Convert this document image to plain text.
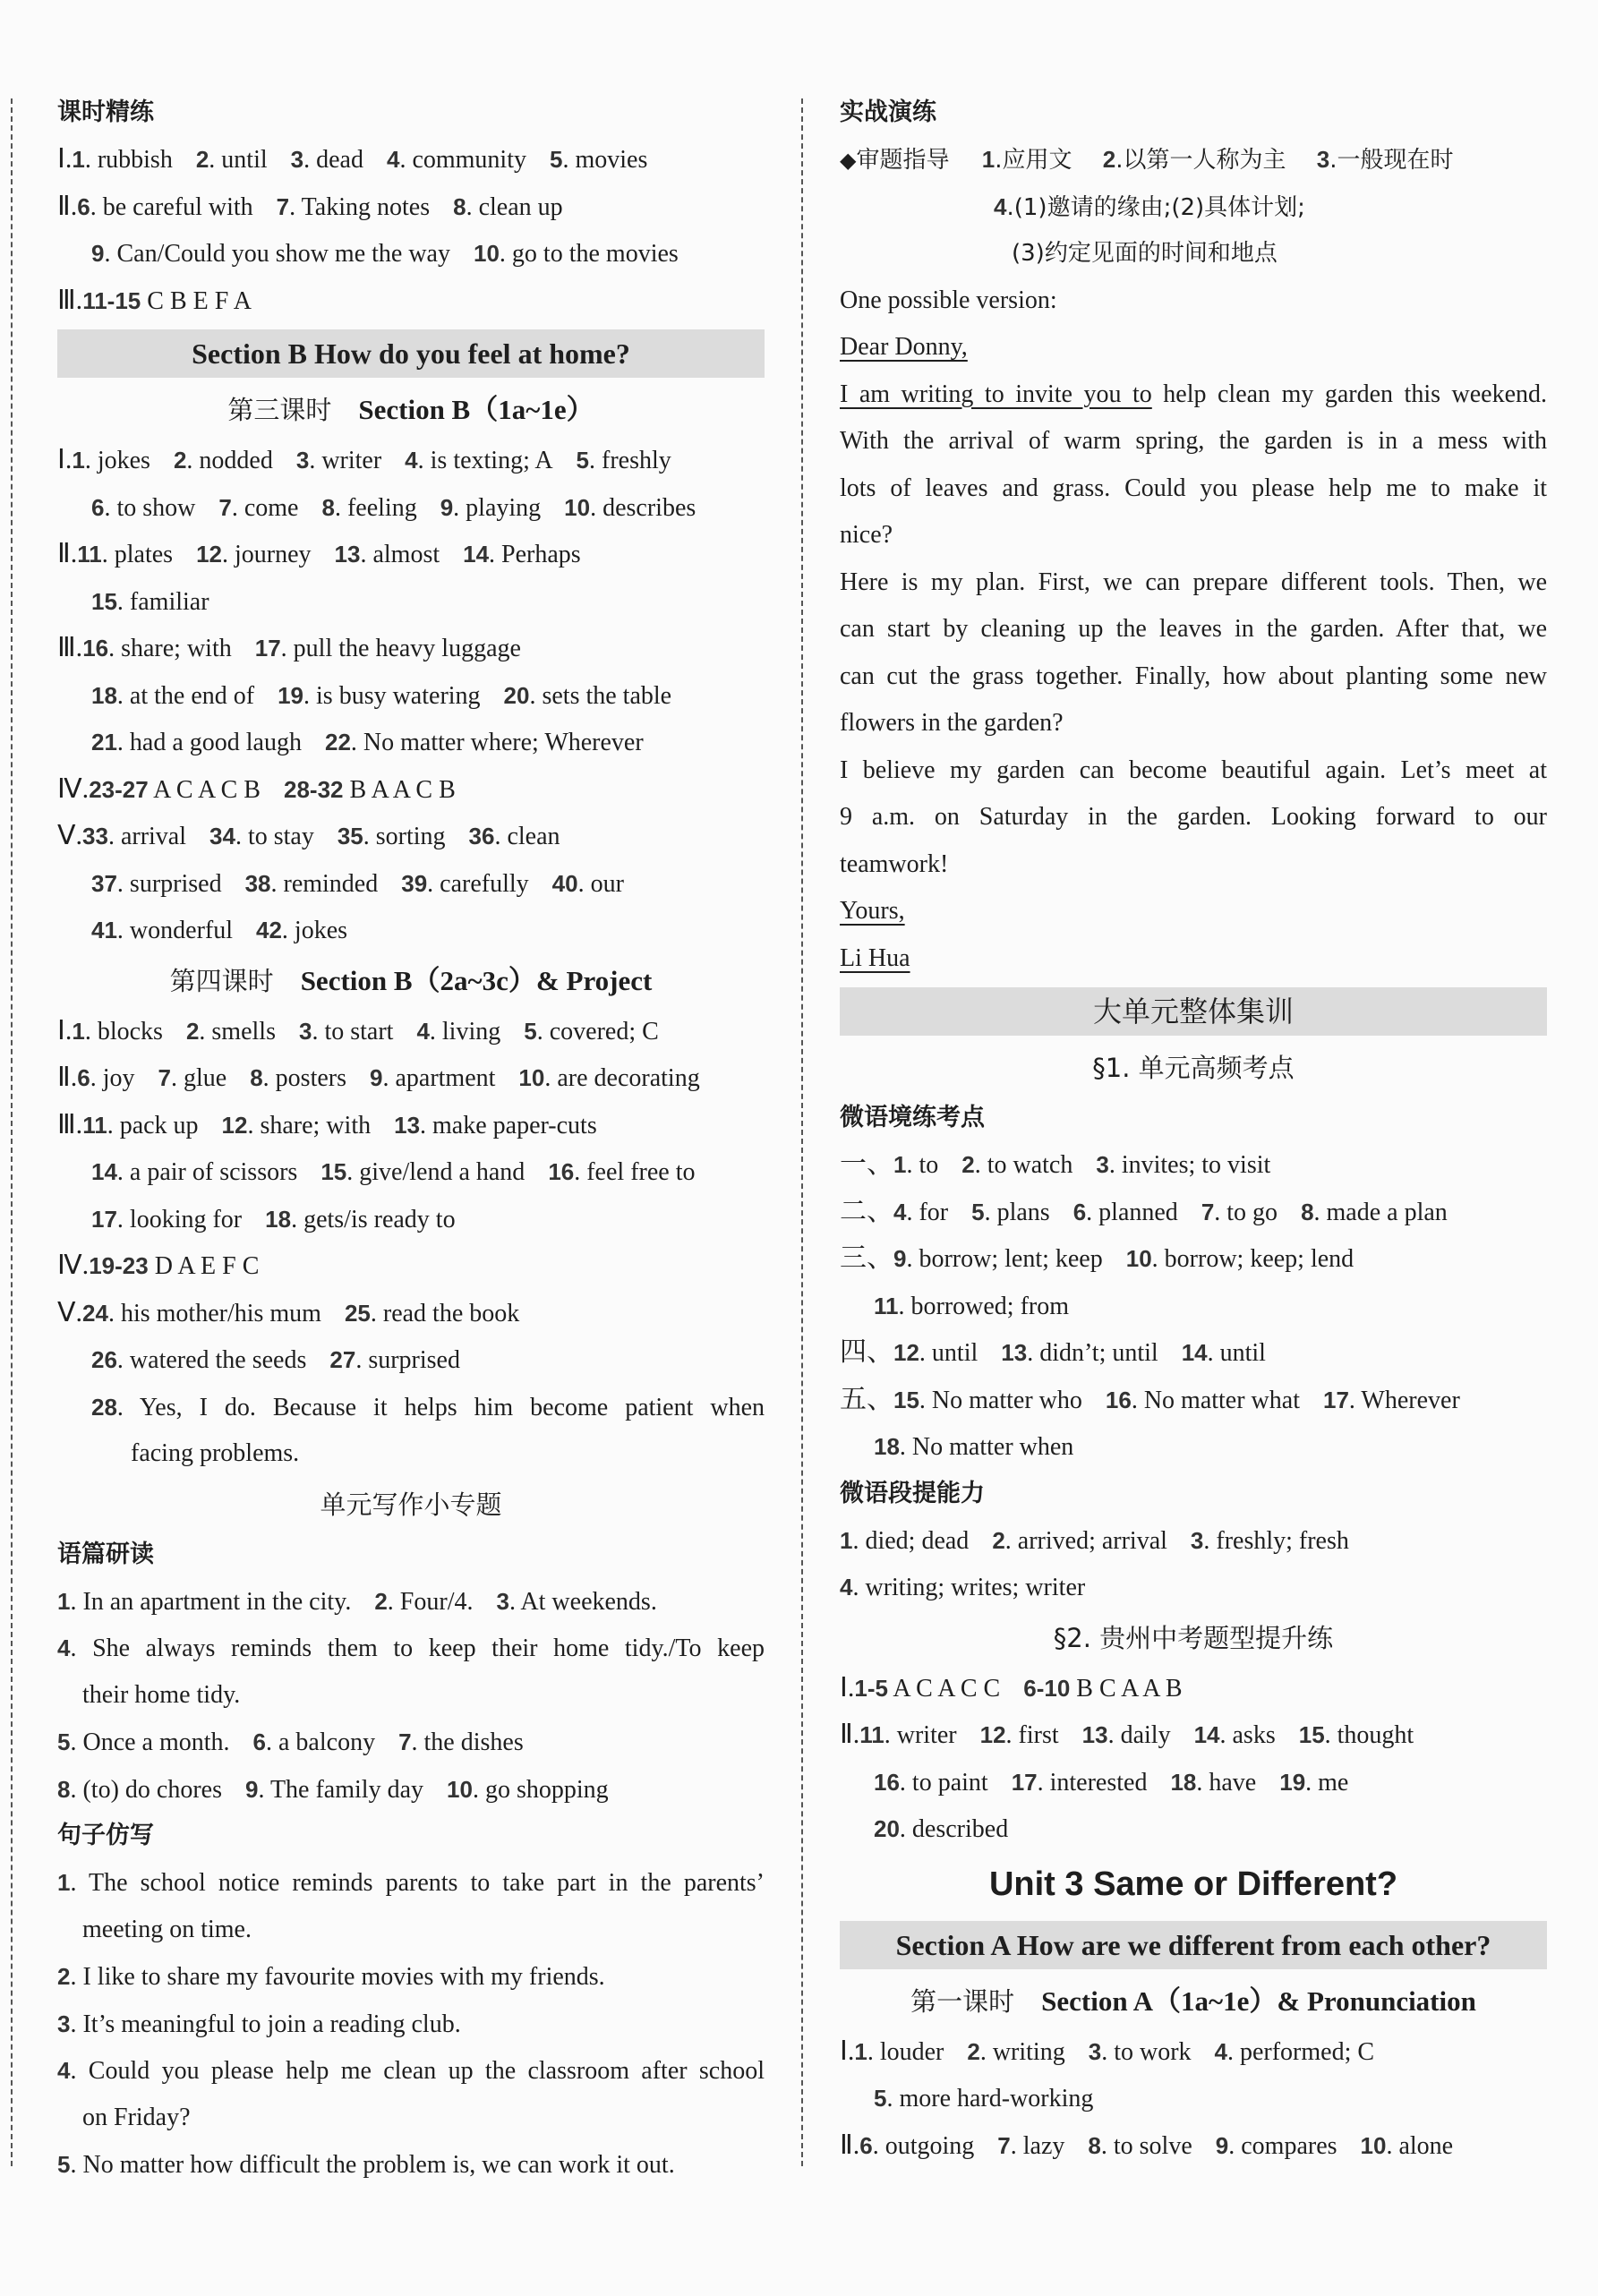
课时精练
Ⅰ.1. rubbish 2. until 3. dead 4. community 5. movies
Ⅱ.6. be careful with 7. Taking notes 8. clean up
9. Can/Could you show me the way 10. go to the movies
Ⅲ.11-15 C B E F A
Section B How do you feel at home?
第三课时 Section B（1a~1e）
Ⅰ.1. jokes 2. nodded 3. writer 4. is texting; A 5. freshly
6. to show 7. come 8. feeling 9. playing 10. describes
Ⅱ.11. plates 12. journey 13. almost 14. Perhaps
15. familiar
Ⅲ.16. share; with 17. pull the heavy luggage
18. at the end of 19. is busy watering 20. sets the table
21. had a good laugh 22. No matter where; Wherever
Ⅳ.23-27 A C A C B 28-32 B A A C B
Ⅴ.33. arrival 34. to stay 35. sorting 36. clean
37. surprised 38. reminded 39. carefully 40. our
41. wonderful 42. jokes
第四课时 Section B（2a~3c）& Project
Ⅰ.1. blocks 2. smells 3. to start 4. living 5. covered; C
Ⅱ.6. joy 7. glue 8. posters 9. apartment 10. are decorating
Ⅲ.11. pack up 12. share; with 13. make paper-cuts
14. a pair of scissors 15. give/lend a hand 16. feel free to
17. looking for 18. gets/is ready to
Ⅳ.19-23 D A E F C
Ⅴ.24. his mother/his mum 25. read the book
26. watered the seeds 27. surprised
28. Yes, I do. Because it helps him become patient when
facing problems.
单元写作小专题
语篇研读
1. In an apartment in the city. 2. Four/4. 3. At weekends.
4. She always reminds them to keep their home tidy./To keep
their home tidy.
5. Once a month. 6. a balcony 7. the dishes
8. (to) do chores 9. The family day 10. go shopping
句子仿写
1. The school notice reminds parents to take part in the parents’
meeting on time.
2. I like to share my favourite movies with my friends.
3. It’s meaningful to join a reading club.
4. Could you please help me clean up the classroom after school
on Friday?
5. No matter how difficult the problem is, we can work it out.
实战演练
◆审题指导 1.应用文 2.以第一人称为主 3.一般现在时
4.(1)邀请的缘由;(2)具体计划;
(3)约定见面的时间和地点
One possible version:
Dear Donny,
I am writing to invite you to help clean my garden this weekend.
With the arrival of warm spring, the garden is in a mess with
lots of leaves and grass. Could you please help me to make it
nice?
Here is my plan. First, we can prepare different tools. Then, we
can start by cleaning up the leaves in the garden. After that, we
can cut the grass together. Finally, how about planting some new
flowers in the garden?
I believe my garden can become beautiful again. Let’s meet at
9 a.m. on Saturday in the garden. Looking forward to our
teamwork!
Yours,
Li Hua
大单元整体集训
§1. 单元高频考点
微语境练考点
一、1. to 2. to watch 3. invites; to visit
二、4. for 5. plans 6. planned 7. to go 8. made a plan
三、9. borrow; lent; keep 10. borrow; keep; lend
11. borrowed; from
四、12. until 13. didn’t; until 14. until
五、15. No matter who 16. No matter what 17. Wherever
18. No matter when
微语段提能力
1. died; dead 2. arrived; arrival 3. freshly; fresh
4. writing; writes; writer
§2. 贵州中考题型提升练
Ⅰ.1-5 A C A C C 6-10 B C A A B
Ⅱ.11. writer 12. first 13. daily 14. asks 15. thought
16. to paint 17. interested 18. have 19. me
20. described
Unit 3 Same or Different?
Section A How are we different from each other?
第一课时 Section A（1a~1e）& Pronunciation
Ⅰ.1. louder 2. writing 3. to work 4. performed; C
5. more hard-working
Ⅱ.6. outgoing 7. lazy 8. to solve 9. compares 10. alone
